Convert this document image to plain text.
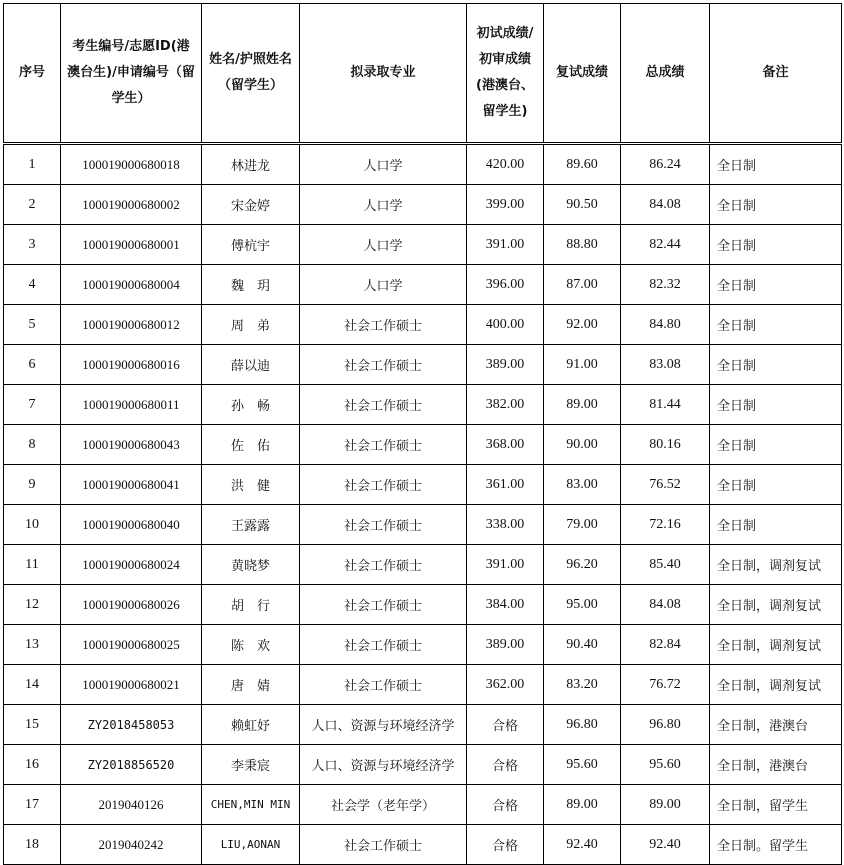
序号	考生编号/志愿ID(港澳台生)/申请编号（留学生）	姓名/护照姓名（留学生）	拟录取专业	初试成绩/初审成绩(港澳台、留学生)	复试成绩	总成绩	备注
1	100019000680018	林进龙	人口学	420.00	89.60	86.24	全日制
2	100019000680002	宋金婷	人口学	399.00	90.50	84.08	全日制
3	100019000680001	傅杭宇	人口学	391.00	88.80	82.44	全日制
4	100019000680004	魏　玥	人口学	396.00	87.00	82.32	全日制
5	100019000680012	周　弟	社会工作硕士	400.00	92.00	84.80	全日制
6	100019000680016	薛以迪	社会工作硕士	389.00	91.00	83.08	全日制
7	100019000680011	孙　畅	社会工作硕士	382.00	89.00	81.44	全日制
8	100019000680043	佐　佑	社会工作硕士	368.00	90.00	80.16	全日制
9	100019000680041	洪　健	社会工作硕士	361.00	83.00	76.52	全日制
10	100019000680040	王露露	社会工作硕士	338.00	79.00	72.16	全日制
11	100019000680024	黄晓梦	社会工作硕士	391.00	96.20	85.40	全日制，调剂复试
12	100019000680026	胡　行	社会工作硕士	384.00	95.00	84.08	全日制，调剂复试
13	100019000680025	陈　欢	社会工作硕士	389.00	90.40	82.84	全日制，调剂复试
14	100019000680021	唐　婧	社会工作硕士	362.00	83.20	76.72	全日制，调剂复试
15	ZY2018458053	赖虹妤	人口、资源与环境经济学	合格	96.80	96.80	全日制，港澳台
16	ZY2018856520	李秉宸	人口、资源与环境经济学	合格	95.60	95.60	全日制，港澳台
17	2019040126	CHEN,MIN MIN	社会学（老年学）	合格	89.00	89.00	全日制，留学生
18	2019040242	LIU,AONAN	社会工作硕士	合格	92.40	92.40	全日制。留学生
